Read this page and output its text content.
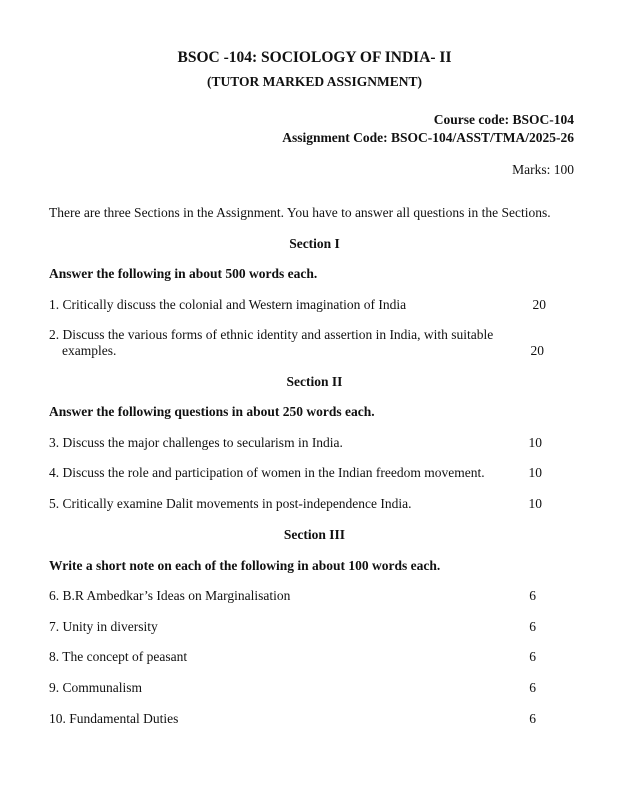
BSOC -104: SOCIOLOGY OF INDIA- II
(TUTOR MARKED ASSIGNMENT)
Course code: BSOC-104
Assignment Code: BSOC-104/ASST/TMA/2025-26
Marks: 100
There are three Sections in the Assignment. You have to answer all questions in the Sections.
Section I
Answer the following in about 500 words each.
1. Critically discuss the colonial and Western imagination of India	20
2. Discuss the various forms of ethnic identity and assertion in India, with suitable
examples.	20
Section II
Answer the following questions in about 250 words each.
3. Discuss the major challenges to secularism in India.	10
4. Discuss the role and participation of women in the Indian freedom movement.	10
5. Critically examine Dalit movements in post-independence India.	10
Section III
Write a short note on each of the following in about 100 words each.
6. B.R Ambedkar’s Ideas on Marginalisation	6
7. Unity in diversity	6
8. The concept of peasant	6
9. Communalism	6
10. Fundamental Duties	6
